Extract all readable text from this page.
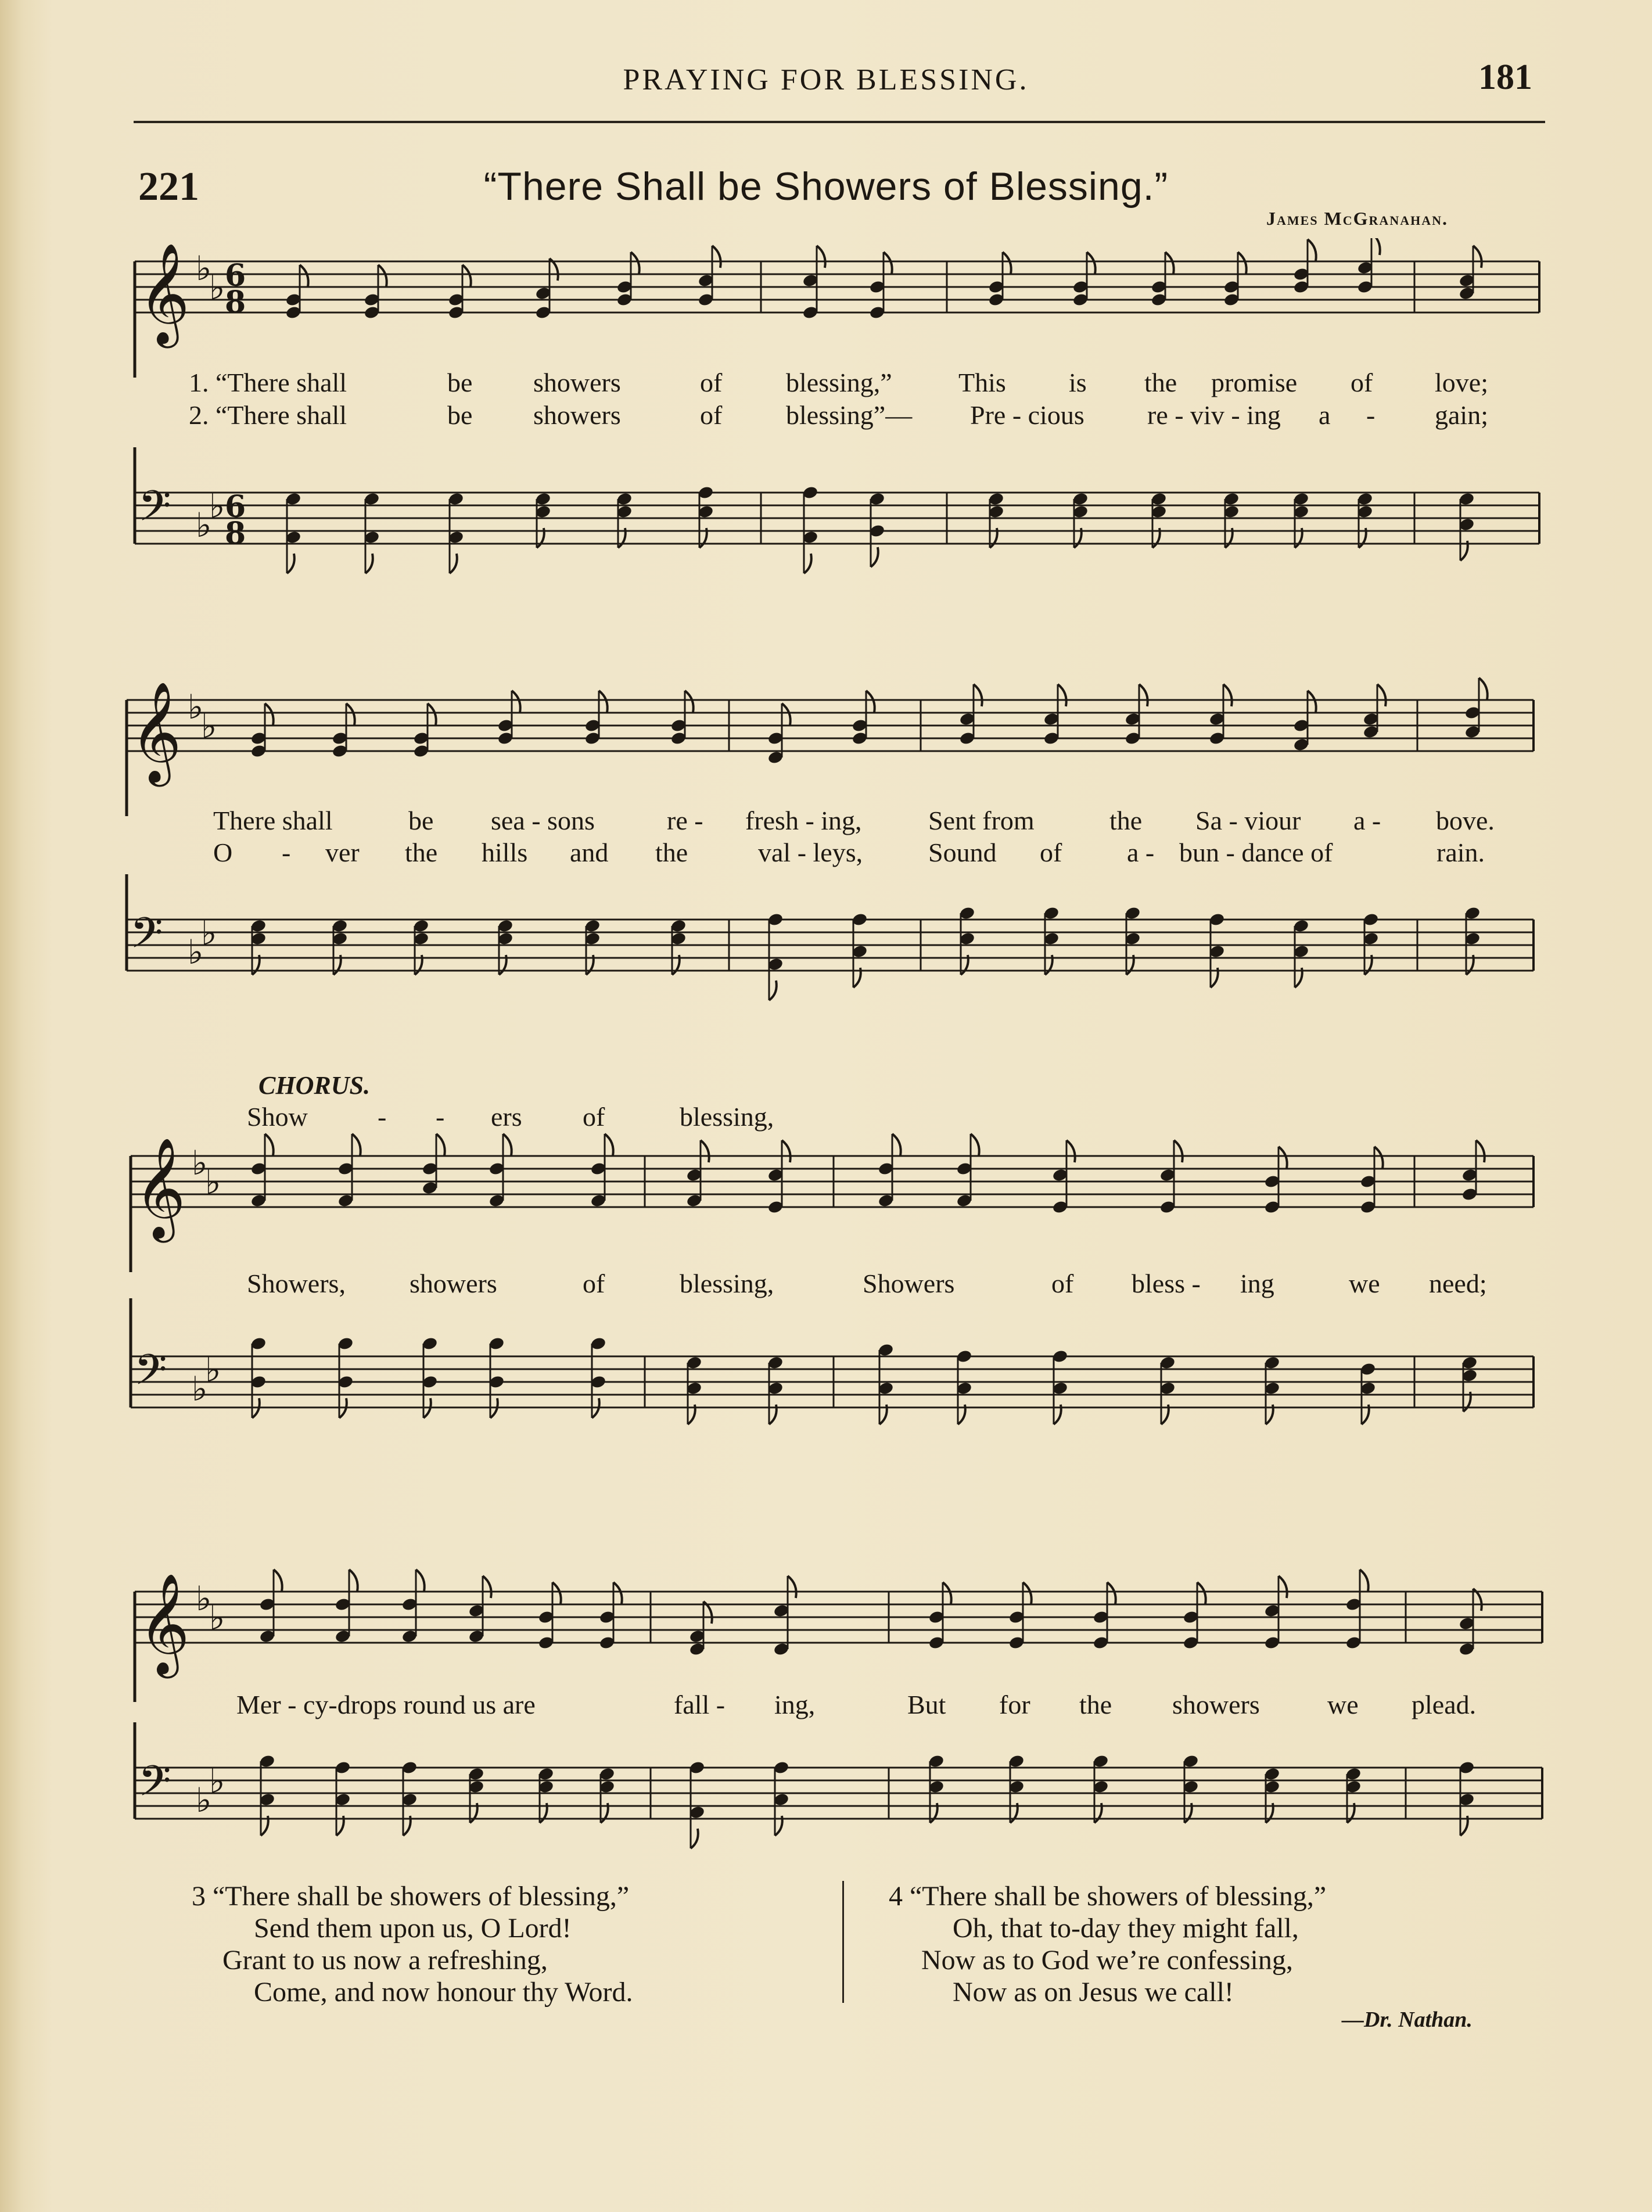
PRAYING FOR BLESSING.	181
221	“There Shall be Showers of Blessing.”
James McGranahan.
𝄞 ♭
♭ 6
8
1. “There shall	be showers	of blessing,” This is the promise of love;
2. “There shall	be showers	of blessing”— Pre - cious re - viv - ing a - gain;
𝄢 ♭
♭ 6
8
𝄞 ♭
♭
There shall	be sea - sons	re - fresh - ing, Sent from	the Sa - viour a - bove.
O - ver the hills and the	val - leys, Sound of a - bun - dance of	rain.
𝄢 ♭
♭
CHORUS.
Show	- - ers of	blessing,
𝄞 ♭
♭
Showers, showers	of	blessing,	Showers	of bless - ing	we need;
𝄢 ♭
♭
𝄞 ♭
♭
Mer - cy-drops round us are	fall - ing,	But for the showers	we plead.
𝄢 ♭
♭
3 “There shall be showers of blessing,”
Send them upon us, O Lord!
Grant to us now a refreshing,
Come, and now honour thy Word.
4 “There shall be showers of blessing,”
Oh, that to-day they might fall,
Now as to God we’re confessing,
Now as on Jesus we call!
—Dr. Nathan.
